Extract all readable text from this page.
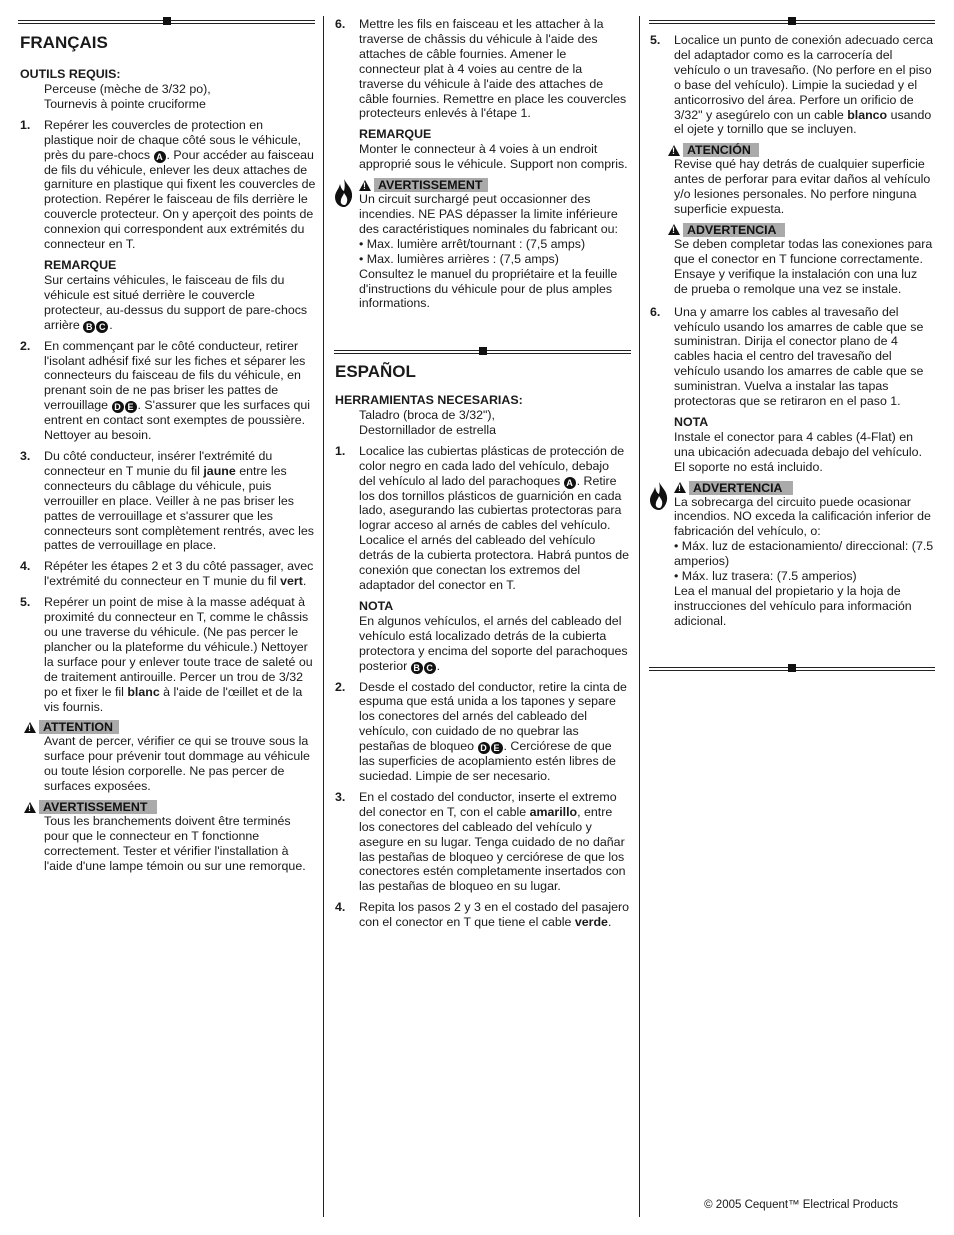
FRANÇAIS

OUTILS REQUIS:

Perceuse (mèche de 3/32 po),

Tournevis à pointe cruciforme

1. Repérer les couvercles de protection en plastique noir de chaque côté sous le véhicule, près du pare-chocs A . Pour accéder au faisceau de fils du véhicule, enlever les deux attaches de garniture en plastique qui fixent les couvercles de protection. Repérer le faisceau de fils derrière le couvercle protecteur. On y aperçoit des points de connexion qui correspondent aux extrémités du connecteur en T.

REMARQUE

Sur certains véhicules, le faisceau de fils du véhicule est situé derrière le couvercle protecteur, au-dessus du support de pare-chocs arrière B C .
2. En commençant par le côté conducteur, retirer l'isolant adhésif fixé sur les fiches et séparer les connecteurs du faisceau de fils du véhicule, en prenant soin de ne pas briser les pattes de verrouillage D E . S'assurer que les surfaces qui entrent en contact sont exemptes de poussière. Nettoyer au besoin.
3. Du côté conducteur, insérer l'extrémité du connecteur en T munie du fil jaune entre les connecteurs du câblage du véhicule, puis verrouiller en place. Veiller à ne pas briser les pattes de verrouillage et s'assurer que les connecteurs sont complètement rentrés, avec les pattes de verrouillage en place.
4. Répéter les étapes 2 et 3 du côté passager, avec l'extrémité du connecteur en T munie du fil vert.
5. Repérer un point de mise à la masse adéquat à proximité du connecteur en T, comme le châssis ou une traverse du véhicule. (Ne pas percer le plancher ou la plateforme du véhicule.) Nettoyer la surface pour y enlever toute trace de saleté ou de traitement antirouille. Percer un trou de 3/32 po et fixer le fil blanc à l'aide de l'œillet et de la vis fournis.
!
ATTENTION

Avant de percer, vérifier ce qui se trouve sous la surface pour prévenir tout dommage au véhicule ou toute lésion corporelle. Ne pas percer de surfaces exposées.

!
AVERTISSEMENT

Tous les branchements doivent être terminés pour que le connecteur en T fonctionne correctement. Tester et vérifier l'installation à l'aide d'une lampe témoin ou sur une remorque.

6. Mettre les fils en faisceau et les attacher à la traverse de châssis du véhicule à l'aide des attaches de câble fournies. Amener le connecteur plat à 4 voies au centre de la traverse du véhicule à l'aide des attaches de câble fournies. Remettre en place les couvercles protecteurs enlevés à l'étape 1.

REMARQUE

Monter le connecteur à 4 voies à un endroit approprié sous le véhicule. Support non compris.

!
AVERTISSEMENT

Un circuit surchargé peut occasionner des incendies. NE PAS dépasser la limite inférieure des caractéristiques nominales du fabricant ou:

• Max. lumière arrêt/tournant : (7,5 amps)

• Max. lumières arrières : (7,5 amps)

Consultez le manuel du propriétaire et la feuille d'instructions du véhicule pour de plus amples informations.

ESPAÑOL

HERRAMIENTAS NECESARIAS:

Taladro (broca de 3/32"),

Destornillador de estrella

1. Localice las cubiertas plásticas de protección de color negro en cada lado del vehículo, debajo del vehículo al lado del parachoques A . Retire los dos tornillos plásticos de guarnición en cada lado, asegurando las cubiertas protectoras para lograr acceso al arnés de cables del vehículo. Localice el arnés del cableado del vehículo detrás de la cubierta protectora. Habrá puntos de conexión que conectan los extremos del adaptador del conector en T.

NOTA

En algunos vehículos, el arnés del cableado del vehículo está localizado detrás de la cubierta protectora y encima del soporte del parachoques posterior B C .
2. Desde el costado del conductor, retire la cinta de espuma que está unida a los tapones y separe los conectores del arnés del cableado del vehículo, con cuidado de no quebrar las pestañas de bloqueo D E . Cerciórese de que las superficies de acoplamiento estén libres de suciedad. Limpie de ser necesario.
3. En el costado del conductor, inserte el extremo del conector en T, con el cable amarillo, entre los conectores del cableado del vehículo y asegure en su lugar. Tenga cuidado de no dañar las pestañas de bloqueo y cerciórese de que los conectores estén completamente insertados con las pestañas de bloqueo en su lugar.
4. Repita los pasos 2 y 3 en el costado del pasajero con el conector en T que tiene el cable verde.
5. Localice un punto de conexión adecuado cerca del adaptador como es la carrocería del vehículo o un travesaño. (No perfore en el piso o base del vehículo). Limpie la suciedad y el anticorrosivo del área. Perfore un orificio de 3/32" y asegúrelo con un cable blanco usando el ojete y tornillo que se incluyen.
!
ATENCIÓN

Revise qué hay detrás de cualquier superficie antes de perforar para evitar daños al vehículo y/o lesiones personales. No perfore ninguna superficie expuesta.

!
ADVERTENCIA

Se deben completar todas las conexiones para que el conector en T funcione correctamente. Ensaye y verifique la instalación con una luz de prueba o remolque una vez se instale.

6. Una y amarre los cables al travesaño del vehículo usando los amarres de cable que se suministran. Dirija el conector plano de 4 cables hacia el centro del travesaño del vehículo usando los amarres de cable que se suministran. Vuelva a instalar las tapas protectoras que se retiraron en el paso 1.

NOTA

Instale el conector para 4 cables (4-Flat) en una ubicación adecuada debajo del vehículo. El soporte no está incluido.

!
ADVERTENCIA

La sobrecarga del circuito puede ocasionar incendios. NO exceda la calificación inferior de fabricación del vehículo, o:

• Máx. luz de estacionamiento/ direccional: (7.5 amperios)

• Máx. luz trasera: (7.5 amperios)

Lea el manual del propietario y la hoja de instrucciones del vehículo para información adicional.

© 2005 Cequent™ Electrical Products
